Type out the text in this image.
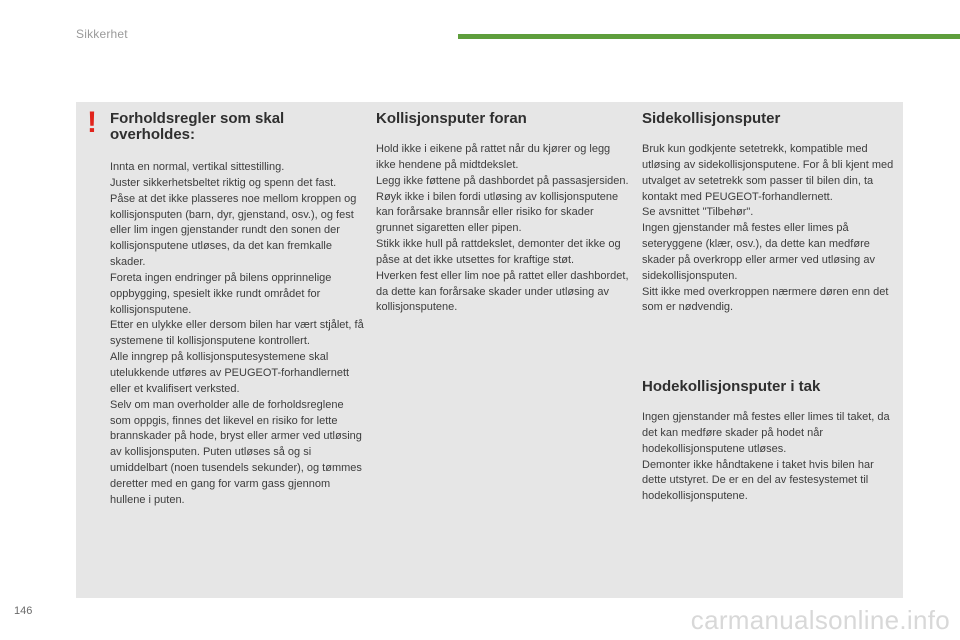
Sikkerhet
! Forholdsregler som skal overholdes:

Innta en normal, vertikal sittestilling.
Juster sikkerhetsbeltet riktig og spenn det fast.
Påse at det ikke plasseres noe mellom kroppen og kollisjonsputen (barn, dyr, gjenstand, osv.), og fest eller lim ingen gjenstander rundt den sonen der kollisjonsputene utløses, da det kan fremkalle skader.
Foreta ingen endringer på bilens opprinnelige oppbygging, spesielt ikke rundt området for kollisjonsputene.
Etter en ulykke eller dersom bilen har vært stjålet, få systemene til kollisjonsputene kontrollert.
Alle inngrep på kollisjonsputesystemene skal utelukkende utføres av PEUGEOT-forhandlernett eller et kvalifisert verksted.
Selv om man overholder alle de forholdsreglene som oppgis, finnes det likevel en risiko for lette brannskader på hode, bryst eller armer ved utløsing av kollisjonsputen. Puten utløses så og si umiddelbart (noen tusendels sekunder), og tømmes deretter med en gang for varm gass gjennom hullene i puten.

Kollisjonsputer foran

Hold ikke i eikene på rattet når du kjører og legg ikke hendene på midtdekslet.
Legg ikke føttene på dashbordet på passasjersiden.
Røyk ikke i bilen fordi utløsing av kollisjonsputene kan forårsake brannsår eller risiko for skader grunnet sigaretten eller pipen.
Stikk ikke hull på rattdekslet, demonter det ikke og påse at det ikke utsettes for kraftige støt.
Hverken fest eller lim noe på rattet eller dashbordet, da dette kan forårsake skader under utløsing av kollisjonsputene.

Sidekollisjonsputer

Bruk kun godkjente setetrekk, kompatible med utløsing av sidekollisjonsputene. For å bli kjent med utvalget av setetrekk som passer til bilen din, ta kontakt med PEUGEOT-forhandlernett.
Se avsnittet "Tilbehør".
Ingen gjenstander må festes eller limes på seteryggene (klær, osv.), da dette kan medføre skader på overkropp eller armer ved utløsing av sidekollisjonsputen.
Sitt ikke med overkroppen nærmere døren enn det som er nødvendig.

Hodekollisjonsputer i tak

Ingen gjenstander må festes eller limes til taket, da det kan medføre skader på hodet når hodekollisjonsputene utløses.
Demonter ikke håndtakene i taket hvis bilen har dette utstyret. De er en del av festesystemet til hodekollisjonsputene.

146	carmanualsonline.info
